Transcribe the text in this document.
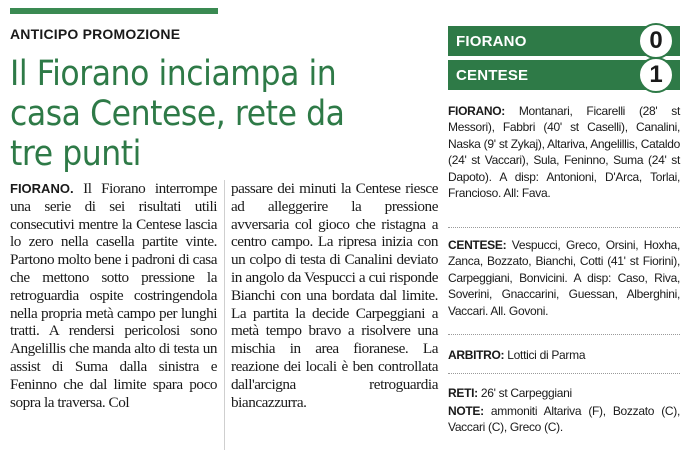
ANTICIPO PROMOZIONE
Il Fiorano inciampa in casa Centese, rete da tre punti
FIORANO. Il Fiorano interrompe una serie di sei risultati utili consecutivi mentre la Centese lascia lo zero nella casella partite vinte. Partono molto bene i padroni di casa che mettono sotto pressione la retroguardia ospite costringendola nella propria metà campo per lunghi tratti. A rendersi pericolosi sono Angelillis che manda alto di testa un assist di Suma dalla sinistra e Feninno che dal limite spara poco sopra la traversa. Col
passare dei minuti la Centese riesce ad alleggerire la pressione avversaria col gioco che ristagna a centro campo. La ripresa inizia con un colpo di testa di Canalini deviato in angolo da Vespucci a cui risponde Bianchi con una bordata dal limite. La partita la decide Carpeggiani a metà tempo bravo a risolvere una mischia in area fioranese. La reazione dei locali è ben controllata dall'arcigna retroguardia biancazzurra.
FIORANO	0
CENTESE	1
FIORANO: Montanari, Ficarelli (28' st Messori), Fabbri (40' st Caselli), Canalini, Naska (9' st Zykaj), Altariva, Angelillis, Cataldo (24' st Vaccari), Sula, Feninno, Suma (24' st Dapoto). A disp: Antonioni, D'Arca, Torlai, Francioso. All: Fava.
CENTESE: Vespucci, Greco, Orsini, Hoxha, Zanca, Bozzato, Bianchi, Cotti (41' st Fiorini), Carpeggiani, Bonvicini. A disp: Caso, Riva, Soverini, Gnaccarini, Guessan, Alberghini, Vaccari. All. Govoni.
ARBITRO: Lottici di Parma
RETI: 26' st Carpeggiani
NOTE: ammoniti Altariva (F), Bozzato (C), Vaccari (C), Greco (C).
